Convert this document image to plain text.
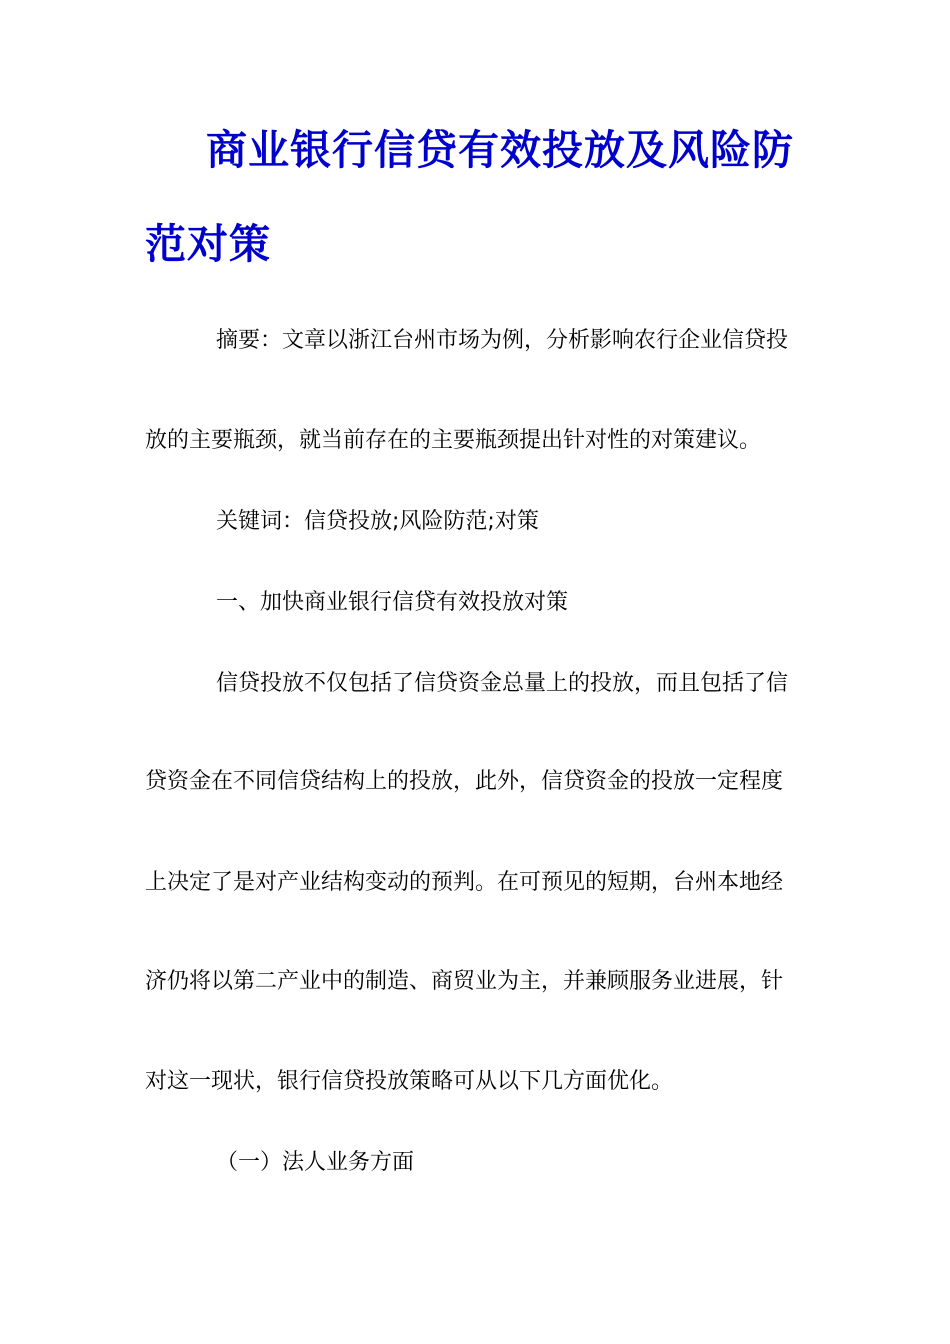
商业银行信贷有效投放及风险防
范对策
摘要：文章以浙江台州市场为例，分析影响农行企业信贷投
放的主要瓶颈，就当前存在的主要瓶颈提出针对性的对策建议。
关键词：信贷投放;风险防范;对策
一、加快商业银行信贷有效投放对策
信贷投放不仅包括了信贷资金总量上的投放，而且包括了信
贷资金在不同信贷结构上的投放，此外，信贷资金的投放一定程度
上决定了是对产业结构变动的预判。在可预见的短期，台州本地经
济仍将以第二产业中的制造、商贸业为主，并兼顾服务业进展，针
对这一现状，银行信贷投放策略可从以下几方面优化。
（一）法人业务方面
